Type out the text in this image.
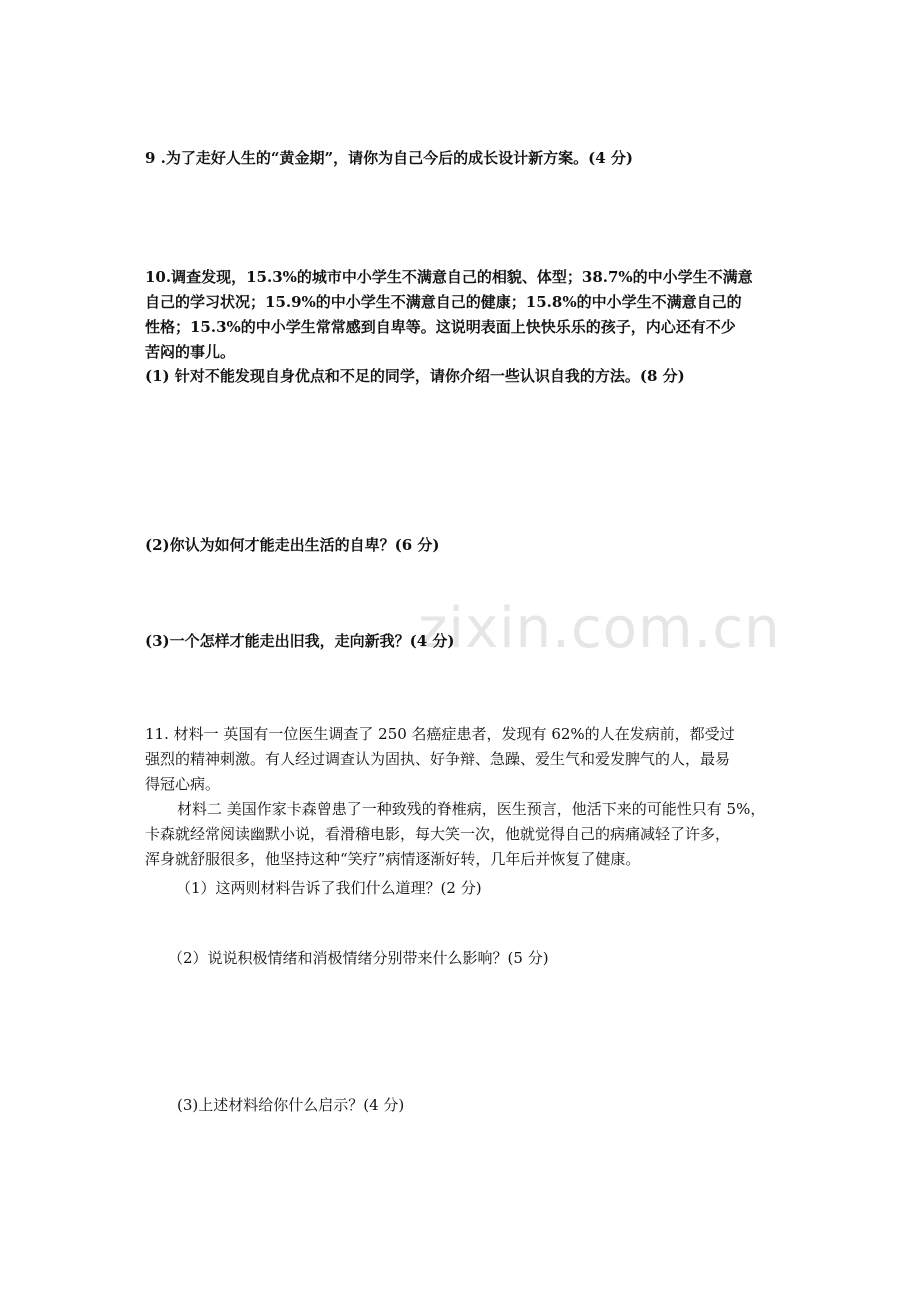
zixin.com.cn
9 .为了走好人生的“黄金期”，请你为自己今后的成长设计新方案。(4 分)
10.调查发现，15.3%的城市中小学生不满意自己的相貌、体型；38.7%的中小学生不满意
自己的学习状况；15.9%的中小学生不满意自己的健康；15.8%的中小学生不满意自己的
性格；15.3%的中小学生常常感到自卑等。这说明表面上快快乐乐的孩子，内心还有不少
苦闷的事儿。
(1) 针对不能发现自身优点和不足的同学，请你介绍一些认识自我的方法。(8 分)
(2)你认为如何才能走出生活的自卑？(6 分)
(3)一个怎样才能走出旧我，走向新我？(4 分)
11. 材料一 英国有一位医生调查了 250 名癌症患者，发现有 62%的人在发病前，都受过
强烈的精神刺激。有人经过调查认为固执、好争辩、急躁、爱生气和爱发脾气的人，最易
得冠心病。
材料二 美国作家卡森曾患了一种致残的脊椎病，医生预言，他活下来的可能性只有 5%，
卡森就经常阅读幽默小说，看滑稽电影，每大笑一次，他就觉得自己的病痛减轻了许多，
浑身就舒服很多，他坚持这种“笑疗”病情逐渐好转，几年后并恢复了健康。
（1）这两则材料告诉了我们什么道理？(2 分)
（2）说说积极情绪和消极情绪分别带来什么影响？(5 分)
(3)上述材料给你什么启示？(4 分)
